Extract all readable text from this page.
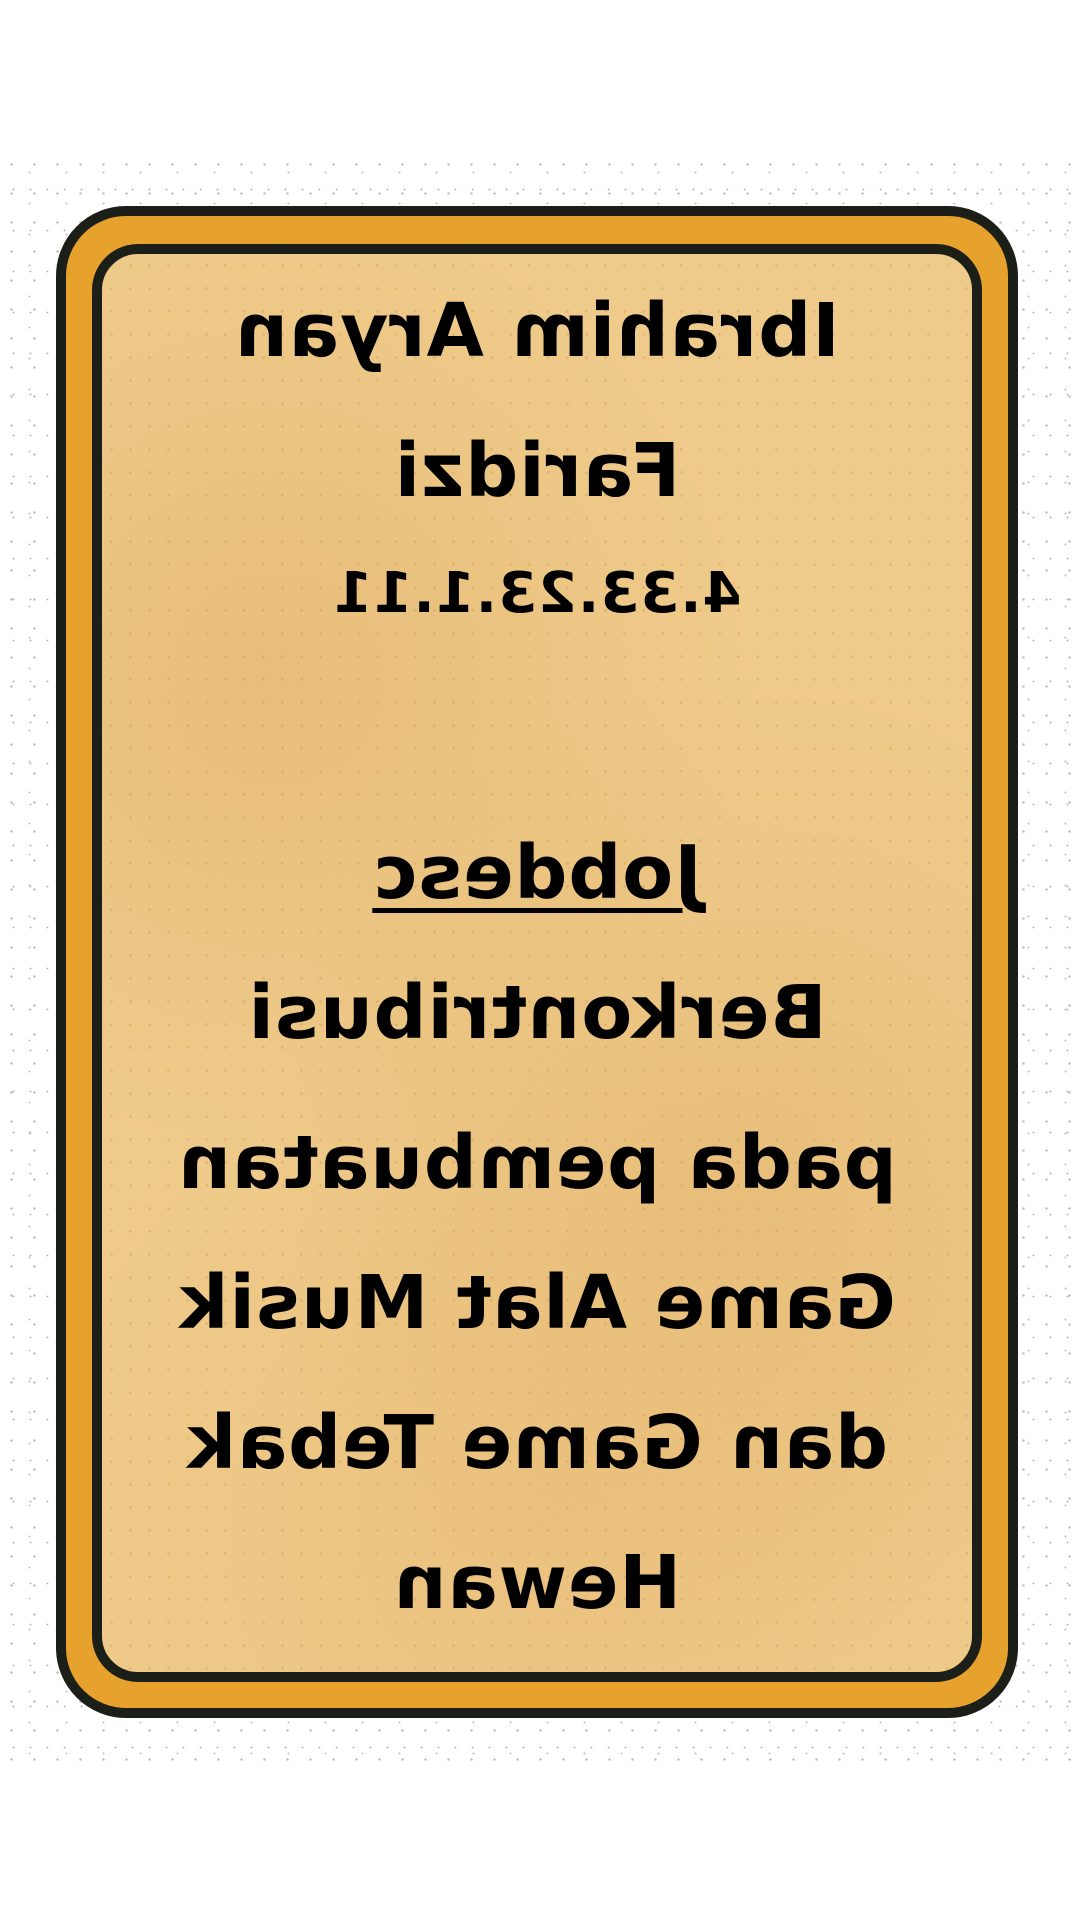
Ibrahim Aryan
Faridzi
4.33.23.1.11
Jobdesc
Berkontribusi
pada pembuatan
Game Alat Musik
dan Game Tebak
Hewan
